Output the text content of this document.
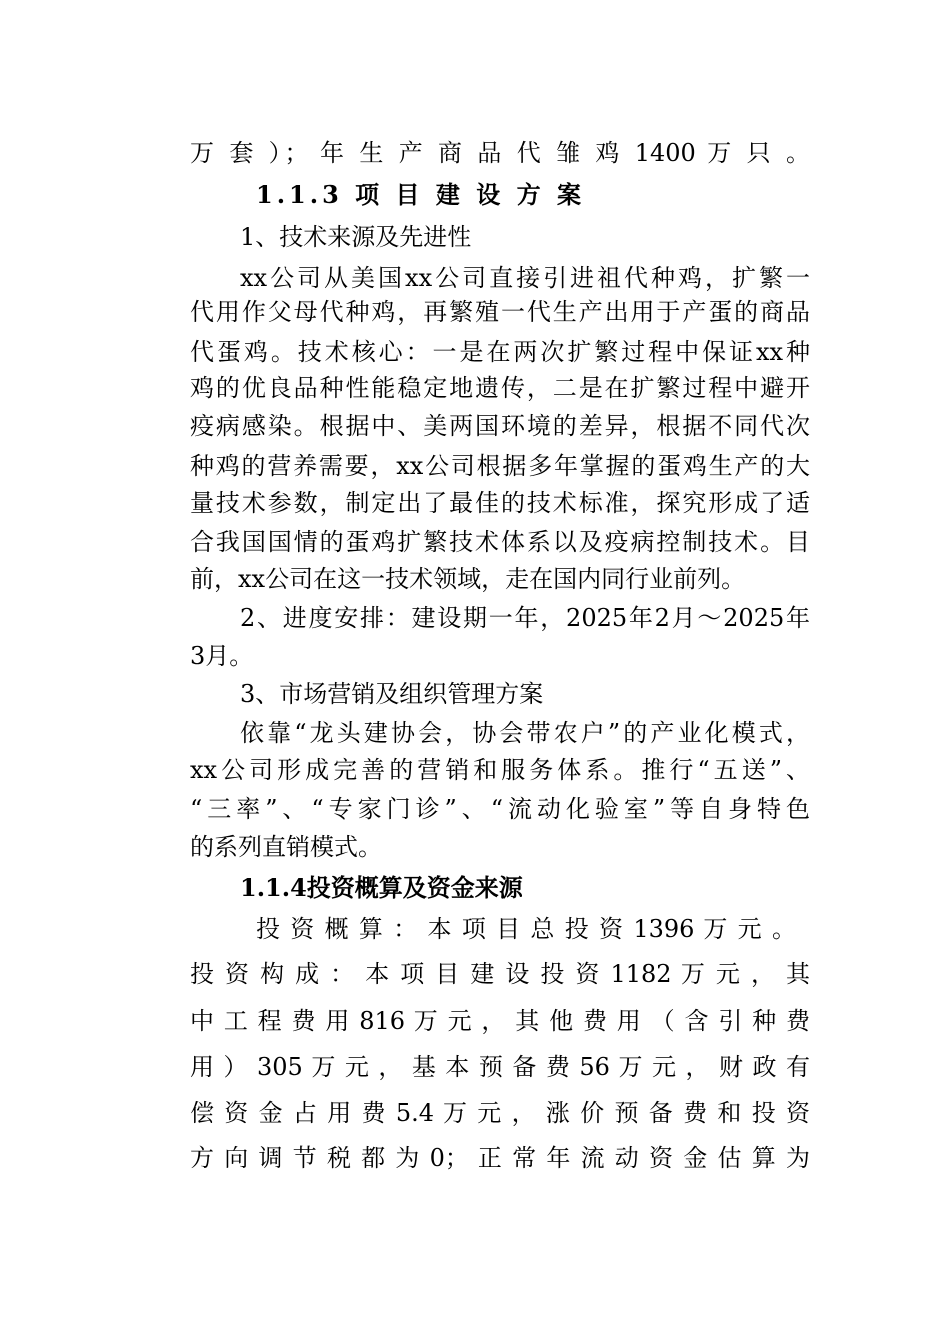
万 套 ）； 年 生 产 商 品 代 雏 鸡 1400 万 只 。
1.1.3 项 目 建 设 方 案
1、技术来源及先进性
xx公司从美国xx公司直接引进祖代种鸡，扩繁一
代用作父母代种鸡，再繁殖一代生产出用于产蛋的商品
代蛋鸡。技术核心：一是在两次扩繁过程中保证xx种
鸡的优良品种性能稳定地遗传，二是在扩繁过程中避开
疫病感染。根据中、美两国环境的差异，根据不同代次
种鸡的营养需要，xx公司根据多年掌握的蛋鸡生产的大
量技术参数，制定出了最佳的技术标准，探究形成了适
合我国国情的蛋鸡扩繁技术体系以及疫病控制技术。目
前，xx公司在这一技术领域，走在国内同行业前列。
2、进度安排：建设期一年，2025年2月～2025年
3月。
3、市场营销及组织管理方案
依靠“龙头建协会，协会带农户”的产业化模式，
xx公司形成完善的营销和服务体系。推行“五送”、
“三率”、“专家门诊”、“流动化验室”等自身特色
的系列直销模式。
1.1.4投资概算及资金来源
投 资 概 算 ： 本 项 目 总 投 资 1396 万 元 。
投 资 构 成 ： 本 项 目 建 设 投 资 1182 万 元 ， 其
中 工 程 费 用 816 万 元 ， 其 他 费 用 （ 含 引 种 费
用 ） 305 万 元 ， 基 本 预 备 费 56 万 元 ， 财 政 有
偿 资 金 占 用 费 5.4 万 元 ， 涨 价 预 备 费 和 投 资
方 向 调 节 税 都 为 0； 正 常 年 流 动 资 金 估 算 为
